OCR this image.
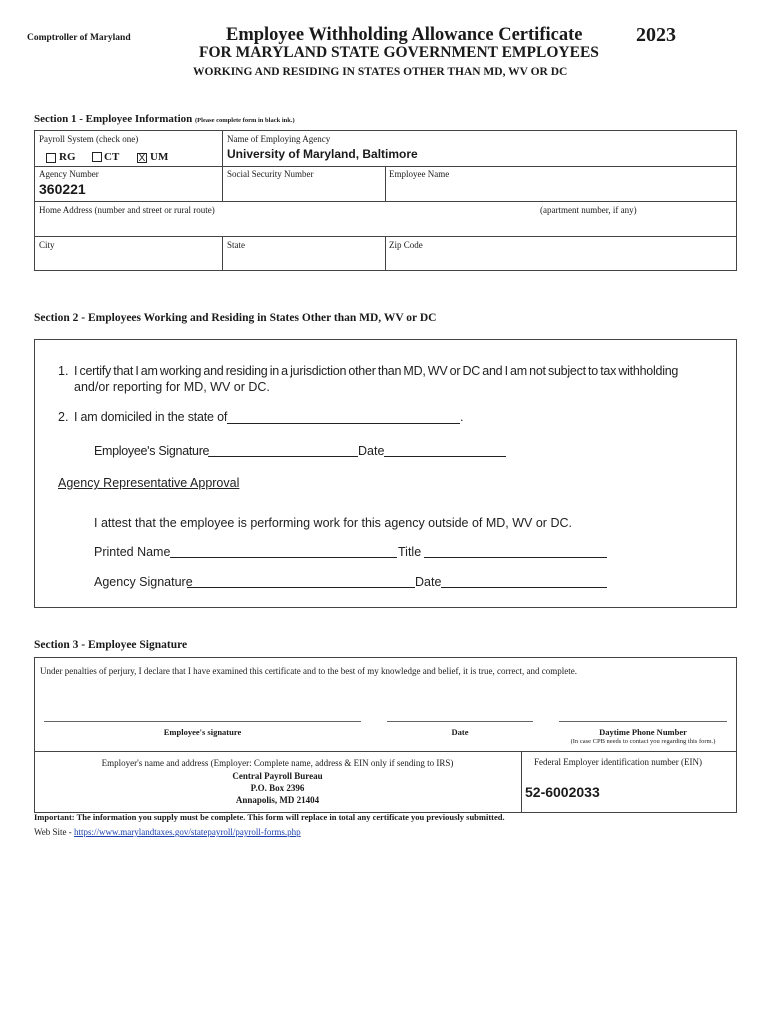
Comptroller of Maryland	Employee Withholding Allowance Certificate	2023
FOR MARYLAND STATE GOVERNMENT EMPLOYEES
WORKING AND RESIDING IN STATES OTHER THAN MD, WV OR DC
Section 1 - Employee Information (Please complete form in black ink.)
Payroll System (check one)
RG	CT X UM
Name of Employing Agency
University of Maryland, Baltimore
Agency Number
360221
Social Security Number	Employee Name
Home Address (number and street or rural route)	(apartment number, if any)
City	State	Zip Code
Section 2 - Employees Working and Residing in States Other than MD, WV or DC
1. I certify that I am working and residing in a jurisdiction other than MD, WV or DC and I am not subject to tax withholding
and/or reporting for MD, WV or DC.
2. I am domiciled in the state of	.
Employee's Signature	Date
Agency Representative Approval
I attest that the employee is performing work for this agency outside of MD, WV or DC.
Printed Name	Title
Agency Signature	Date
Section 3 - Employee Signature
Under penalties of perjury, I declare that I have examined this certificate and to the best of my knowledge and belief, it is true, correct, and complete.
Employee's signature	Date	Daytime Phone Number
(In case CPB needs to contact you regarding this form.)
Employer's name and address (Employer: Complete name, address & EIN only if sending to IRS)
Central Payroll Bureau
P.O. Box 2396
Annapolis, MD 21404
Federal Employer identification number (EIN)
52-6002033
Important: The information you supply must be complete. This form will replace in total any certificate you previously submitted.
Web Site - https://www.marylandtaxes.gov/statepayroll/payroll-forms.php
